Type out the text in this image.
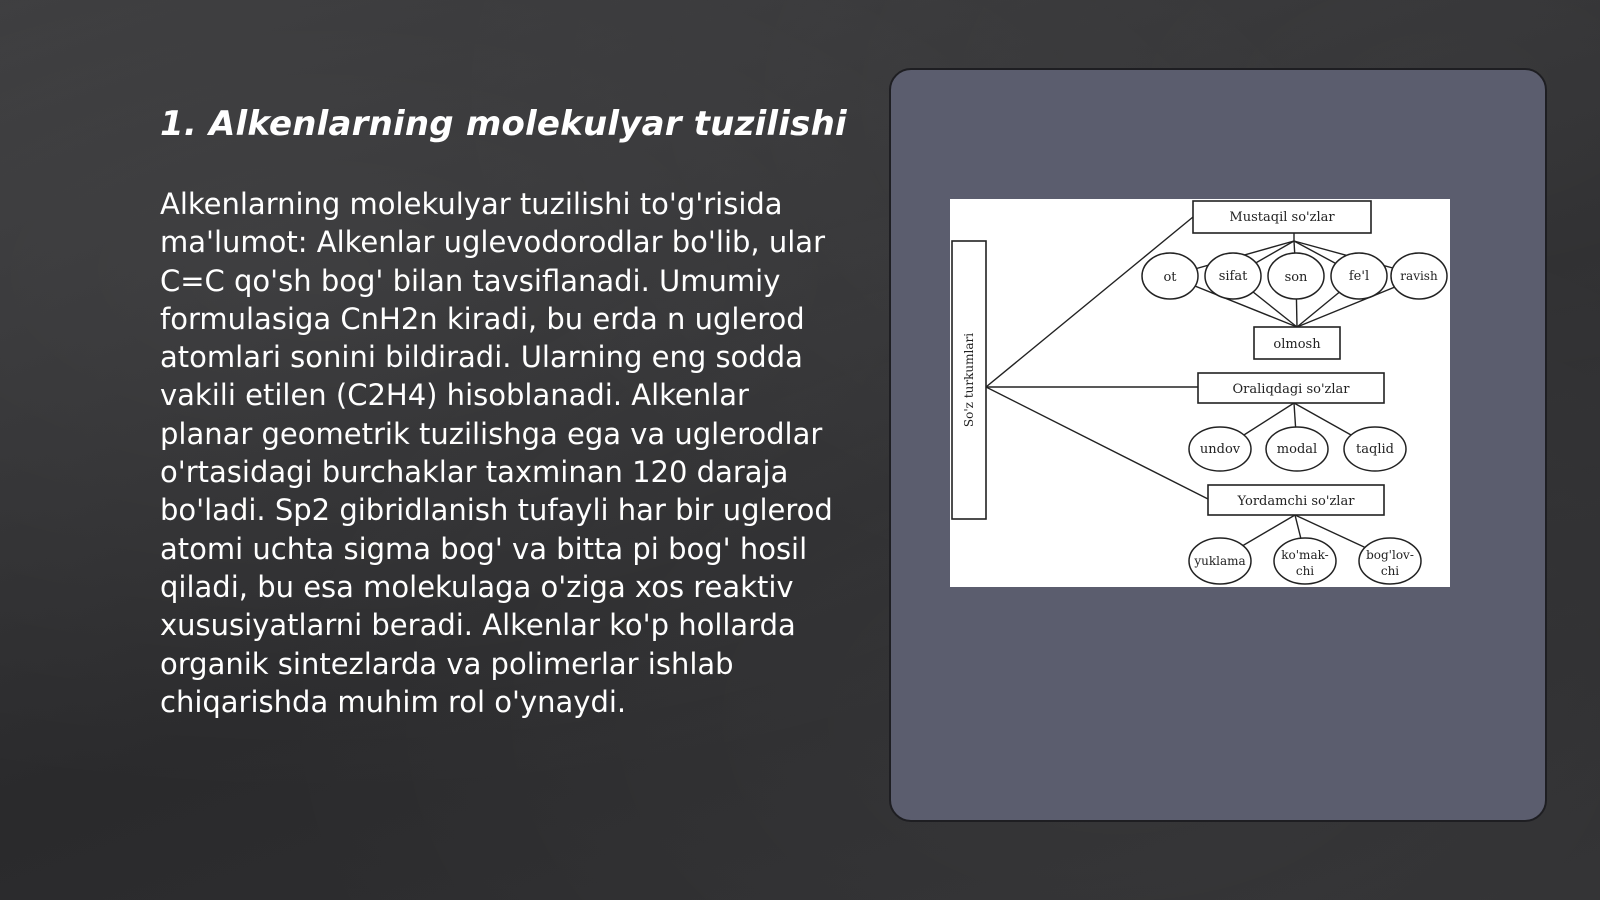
1. Alkenlarning molekulyar tuzilishi

Alkenlarning molekulyar tuzilishi to'g'risida ma'lumot: Alkenlar uglevodorodlar bo'lib, ular C=C qo'sh bog' bilan tavsiflanadi. Umumiy formulasiga CnH2n kiradi, bu erda n uglerod atomlari sonini bildiradi. Ularning eng sodda vakili etilen (C2H4) hisoblanadi. Alkenlar planar geometrik tuzilishga ega va uglerodlar o'rtasidagi burchaklar taxminan 120 daraja bo'ladi. Sp2 gibridlanish tufayli har bir uglerod atomi uchta sigma bog' va bitta pi bog' hosil qiladi, bu esa molekulaga o'ziga xos reaktiv xususiyatlarni beradi. Alkenlar ko'p hollarda organik sintezlarda va polimerlar ishlab chiqarishda muhim rol o'ynaydi.

So'z turkumlari
Mustaqil so'zlar
ot	sifat	son	fe'l	ravish
olmosh
Oraliqdagi so'zlar
undov	modal	taqlid
Yordamchi so'zlar
yuklama	ko'mak-
chi
bog'lov-
chi
